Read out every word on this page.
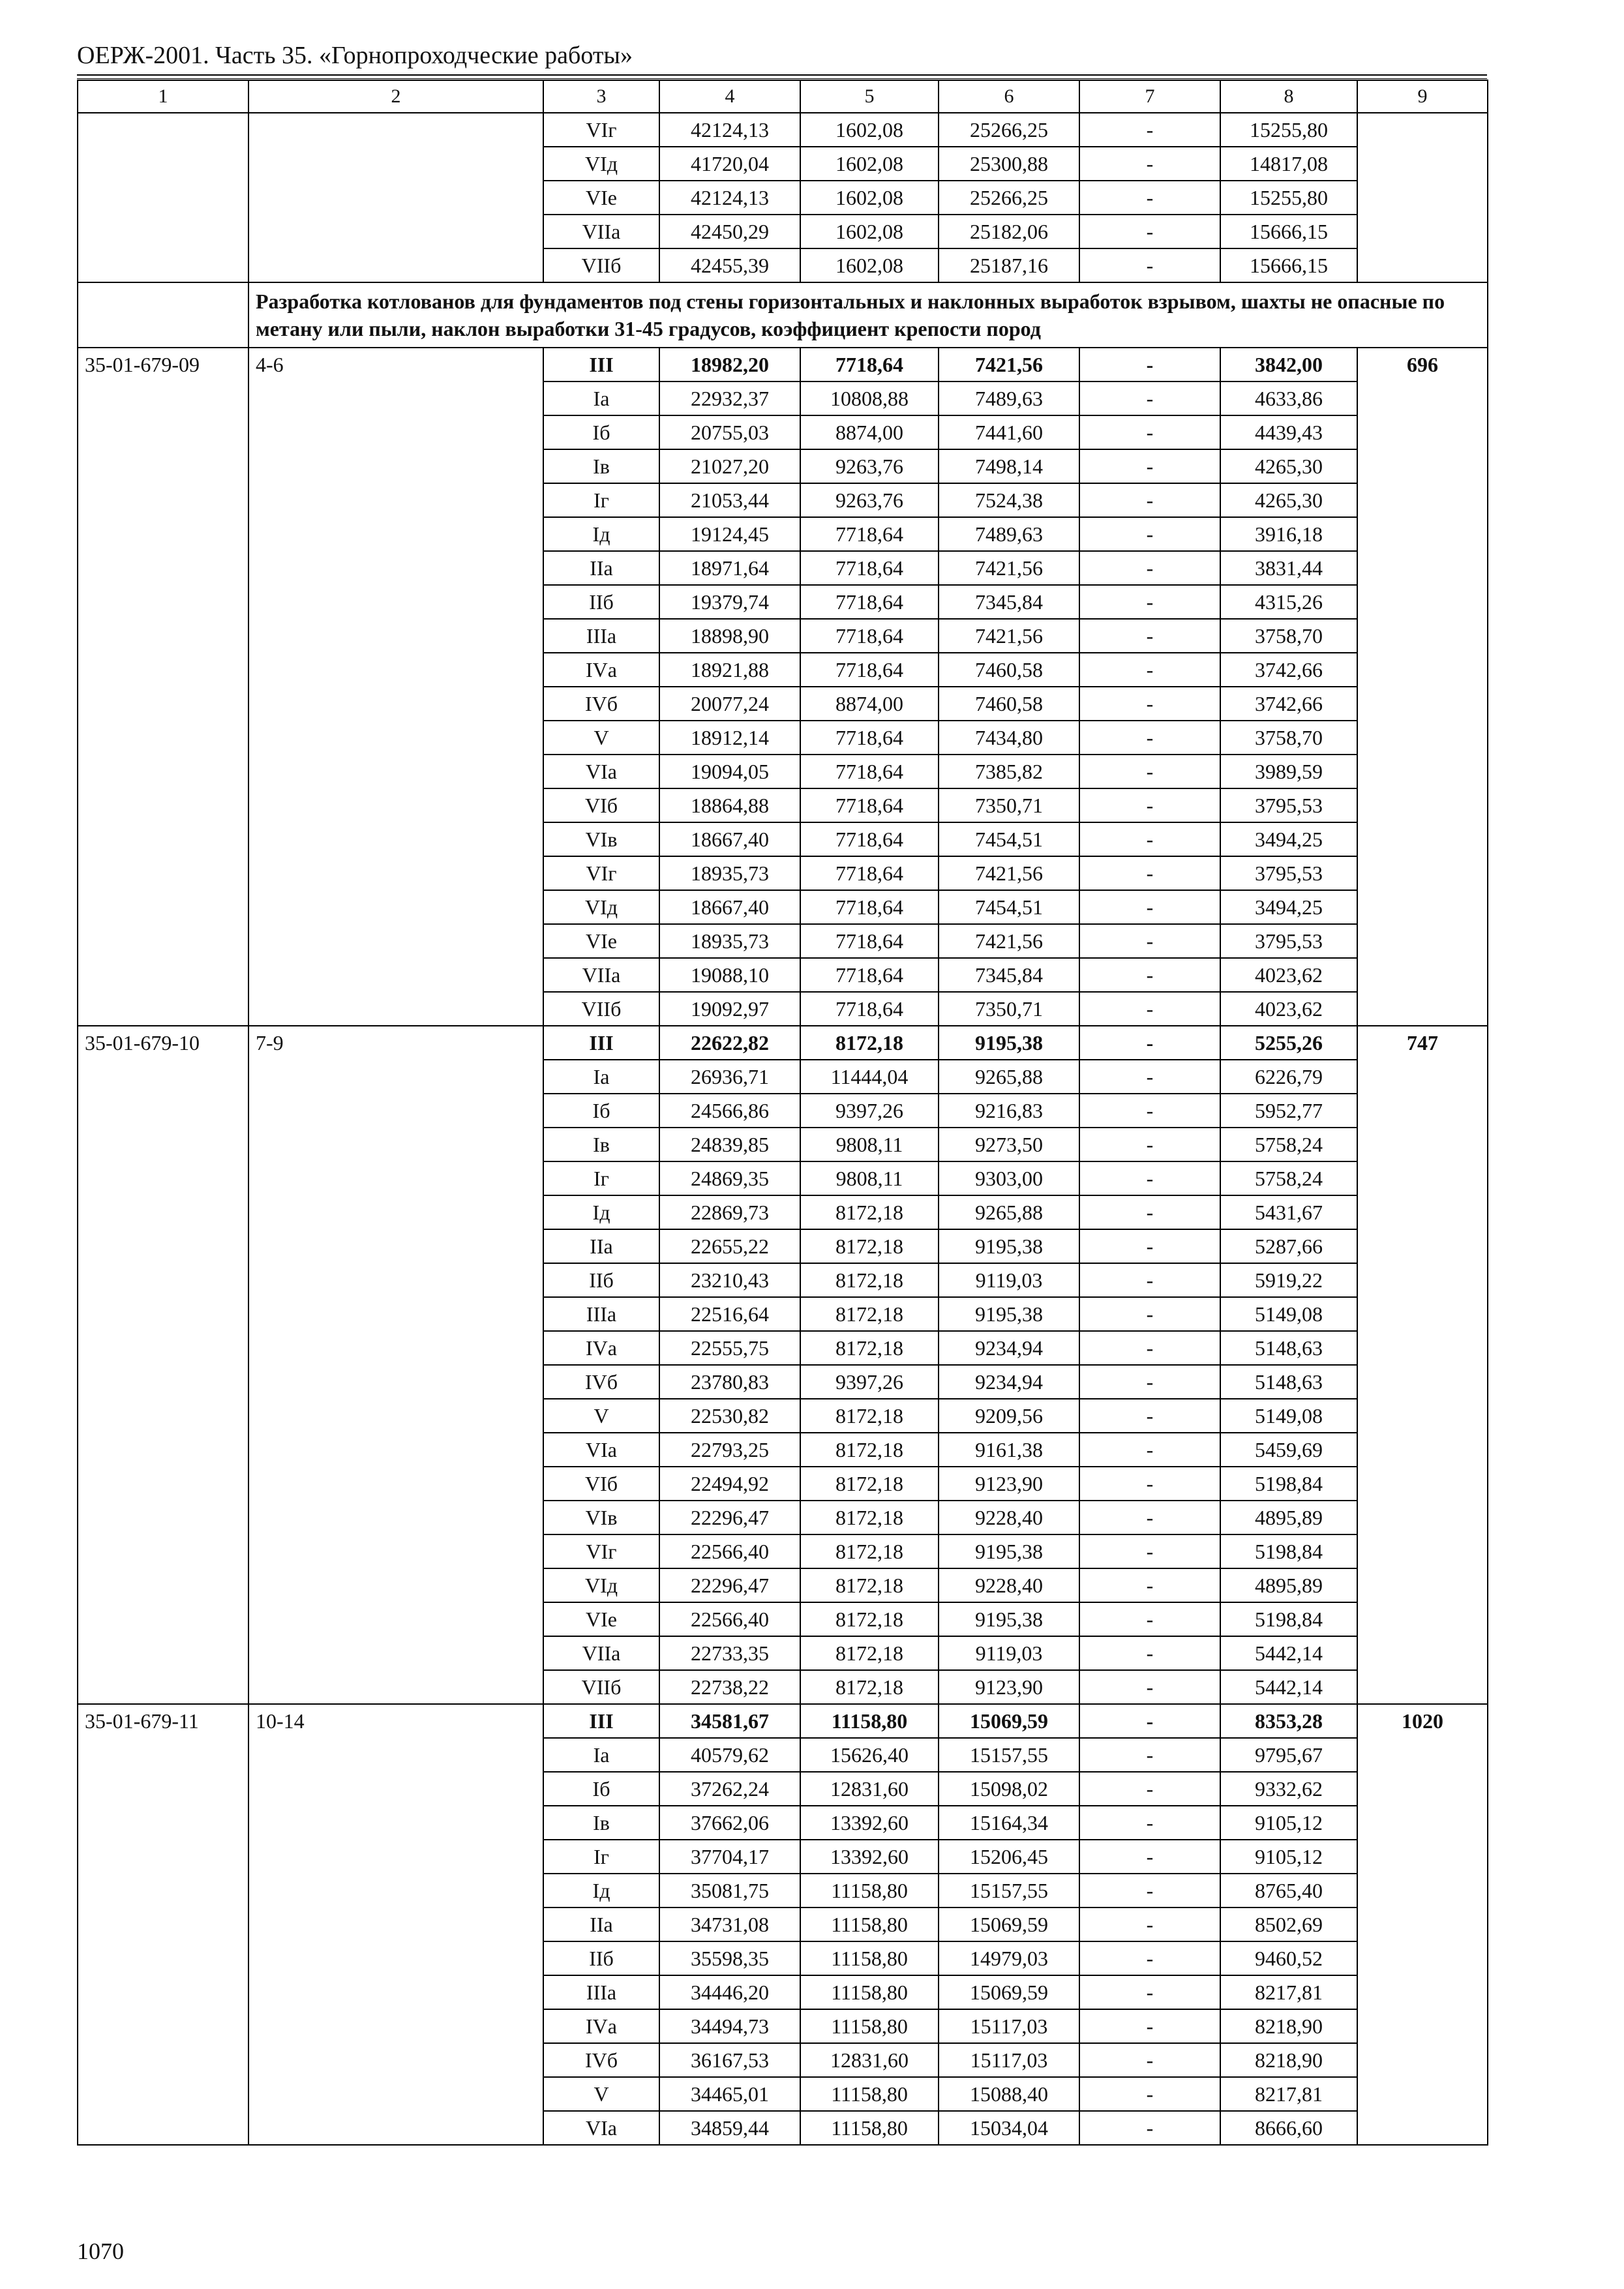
ОЕРЖ-2001. Часть 35. «Горнопроходческие работы»
1	2	3	4	5	6	7	8	9
		VIг	42124,13	1602,08	25266,25	-	15255,80	
		VIд	41720,04	1602,08	25300,88	-	14817,08	
		VIе	42124,13	1602,08	25266,25	-	15255,80	
		VIIа	42450,29	1602,08	25182,06	-	15666,15	
		VIIб	42455,39	1602,08	25187,16	-	15666,15	
	Разработка котлованов для фундаментов под стены горизонтальных и наклонных выработок взрывом, шахты не опасные по метану или пыли, наклон выработки 31-45 градусов, коэффициент крепости пород							
35-01-679-09	4-6	III	18982,20	7718,64	7421,56	-	3842,00	696
		Iа	22932,37	10808,88	7489,63	-	4633,86	
		Iб	20755,03	8874,00	7441,60	-	4439,43	
		Iв	21027,20	9263,76	7498,14	-	4265,30	
		Iг	21053,44	9263,76	7524,38	-	4265,30	
		Iд	19124,45	7718,64	7489,63	-	3916,18	
		IIа	18971,64	7718,64	7421,56	-	3831,44	
		IIб	19379,74	7718,64	7345,84	-	4315,26	
		IIIа	18898,90	7718,64	7421,56	-	3758,70	
		IVа	18921,88	7718,64	7460,58	-	3742,66	
		IVб	20077,24	8874,00	7460,58	-	3742,66	
		V	18912,14	7718,64	7434,80	-	3758,70	
		VIа	19094,05	7718,64	7385,82	-	3989,59	
		VIб	18864,88	7718,64	7350,71	-	3795,53	
		VIв	18667,40	7718,64	7454,51	-	3494,25	
		VIг	18935,73	7718,64	7421,56	-	3795,53	
		VIд	18667,40	7718,64	7454,51	-	3494,25	
		VIе	18935,73	7718,64	7421,56	-	3795,53	
		VIIа	19088,10	7718,64	7345,84	-	4023,62	
		VIIб	19092,97	7718,64	7350,71	-	4023,62	
35-01-679-10	7-9	III	22622,82	8172,18	9195,38	-	5255,26	747
		Iа	26936,71	11444,04	9265,88	-	6226,79	
		Iб	24566,86	9397,26	9216,83	-	5952,77	
		Iв	24839,85	9808,11	9273,50	-	5758,24	
		Iг	24869,35	9808,11	9303,00	-	5758,24	
		Iд	22869,73	8172,18	9265,88	-	5431,67	
		IIа	22655,22	8172,18	9195,38	-	5287,66	
		IIб	23210,43	8172,18	9119,03	-	5919,22	
		IIIа	22516,64	8172,18	9195,38	-	5149,08	
		IVа	22555,75	8172,18	9234,94	-	5148,63	
		IVб	23780,83	9397,26	9234,94	-	5148,63	
		V	22530,82	8172,18	9209,56	-	5149,08	
		VIа	22793,25	8172,18	9161,38	-	5459,69	
		VIб	22494,92	8172,18	9123,90	-	5198,84	
		VIв	22296,47	8172,18	9228,40	-	4895,89	
		VIг	22566,40	8172,18	9195,38	-	5198,84	
		VIд	22296,47	8172,18	9228,40	-	4895,89	
		VIе	22566,40	8172,18	9195,38	-	5198,84	
		VIIа	22733,35	8172,18	9119,03	-	5442,14	
		VIIб	22738,22	8172,18	9123,90	-	5442,14	
35-01-679-11	10-14	III	34581,67	11158,80	15069,59	-	8353,28	1020
		Iа	40579,62	15626,40	15157,55	-	9795,67	
		Iб	37262,24	12831,60	15098,02	-	9332,62	
		Iв	37662,06	13392,60	15164,34	-	9105,12	
		Iг	37704,17	13392,60	15206,45	-	9105,12	
		Iд	35081,75	11158,80	15157,55	-	8765,40	
		IIа	34731,08	11158,80	15069,59	-	8502,69	
		IIб	35598,35	11158,80	14979,03	-	9460,52	
		IIIа	34446,20	11158,80	15069,59	-	8217,81	
		IVа	34494,73	11158,80	15117,03	-	8218,90	
		IVб	36167,53	12831,60	15117,03	-	8218,90	
		V	34465,01	11158,80	15088,40	-	8217,81	
		VIа	34859,44	11158,80	15034,04	-	8666,60	
1070
